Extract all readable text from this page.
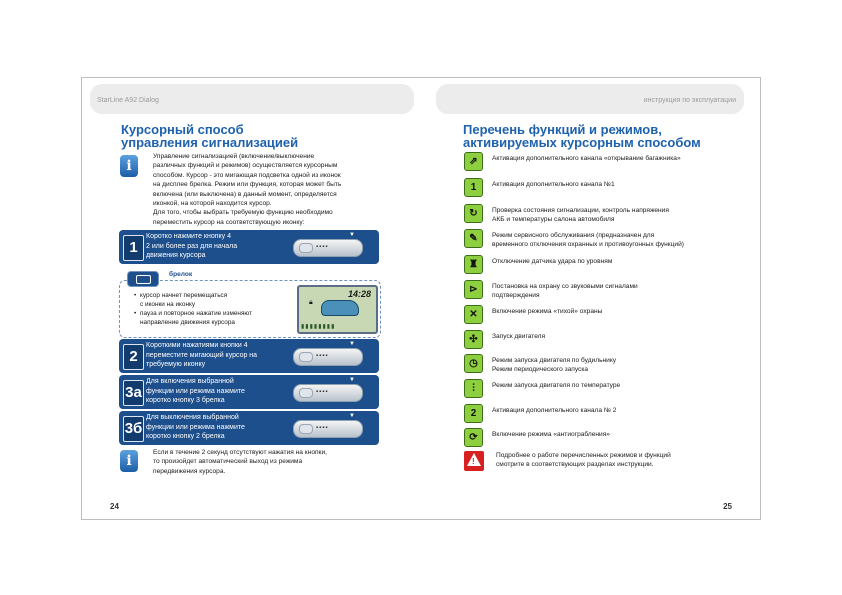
StarLine A92 Dialog
Курсорный способ
управления сигнализацией
i
Управление сигнализацией (включение/выключение
различных функций и режимов) осуществляется курсорным
способом. Курсор - это мигающая подсветка одной из иконок
на дисплее брелка. Режим или функция, которая может быть
включена (или выключена) в данный момент, определяется
иконкой, на которой находится курсор.
Для того, чтобы выбрать требуемую функцию необходимо
переместить курсор на соответствующую иконку:
1
Коротко нажмите кнопку 4
2 или более раз для начала
движения курсора
▼
▪▪▪▪
брелок
• курсор начнет перемещаться
с иконки на иконку
• пауза и повторное нажатие изменяют
направление движения курсора
14:28
🔒︎
▮▮▮▮▮▮▮▮
2
Короткими нажатиями кнопки 4
переместите мигающий курсор на
требуемую иконку
▼
▪▪▪▪
3а
Для включения выбранной
функции или режима нажмите
коротко кнопку 3 брелка
▼
▪▪▪▪
3б
Для выключения выбранной
функции или режима нажмите
коротко кнопку 2 брелка
▼
▪▪▪▪
i
Если в течение 2 секунд отсутствуют нажатия на кнопки,
то произойдет автоматический выход из режима
передвижения курсора.
24
инструкция по эксплуатации
Перечень функций и режимов,
активируемых курсорным способом
⇗	Активация дополнительного канала «открывание багажника»
1	Активация дополнительного канала №1
↻	Проверка состояния сигнализации, контроль напряжения
АКБ и температуры салона автомобиля
✎	Режим сервисного обслуживания (предназначен для
временного отключения охранных и противоугонных функций)
♜	Отключение датчика удара по уровням
⊳	Постановка на охрану со звуковыми сигналами
подтверждения
✕	Включение режима «тихой» охраны
✣	Запуск двигателя
◷	Режим запуска двигателя по будильнику
Режим периодического запуска
⫶	Режим запуска двигателя по температуре
2	Активация дополнительного канала № 2
⟳	Включение режима «антиограбления»
!
Подробнее о работе перечисленных режимов и функций
смотрите в соответствующих разделах инструкции.
25
